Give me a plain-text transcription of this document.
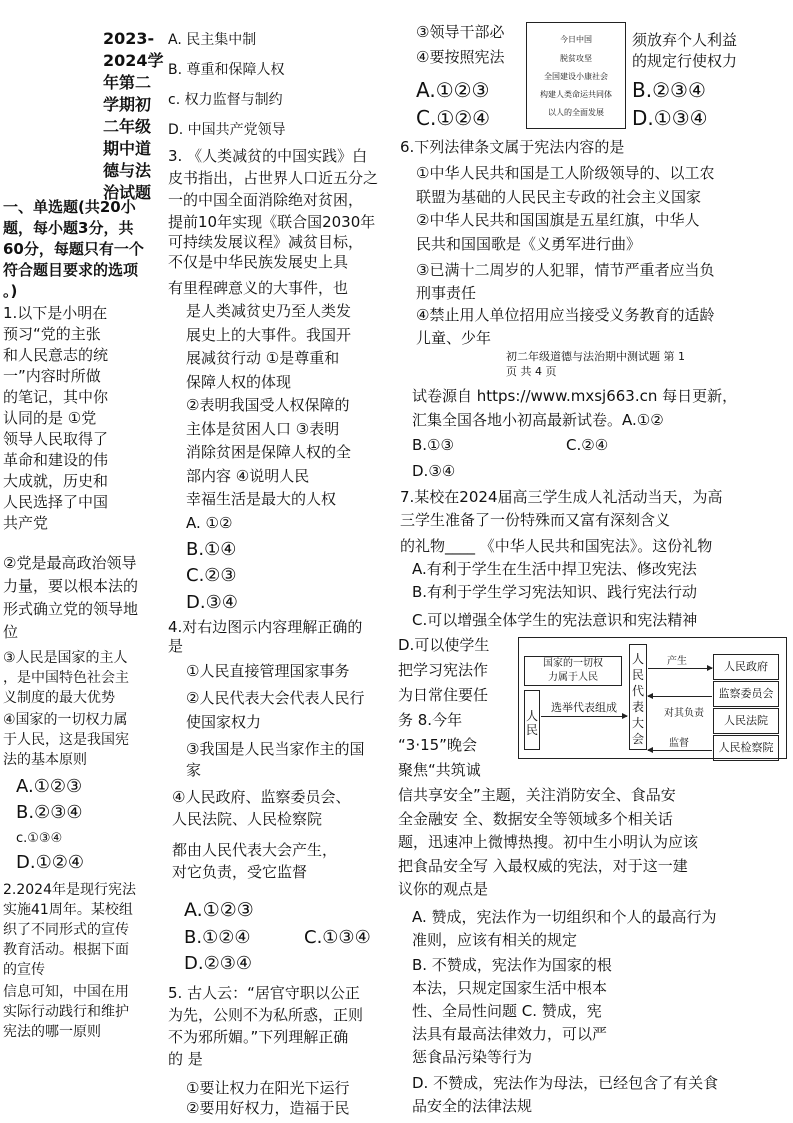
2023-
2024学
年第二
学期初
二年级
期中道
德与法
治试题
一、单选题(共20小
题，每小题3分，共
60分，每题只有一个
符合题目要求的选项
。)
1.以下是小明在
预习“党的主张
和人民意志的统
一”内容时所做
的笔记，其中你
认同的是 ①党
领导人民取得了
革命和建设的伟
大成就，历史和
人民选择了中国
共产党
②党是最高政治领导
力量，要以根本法的
形式确立党的领导地
位
③人民是国家的主人
，是中国特色社会主
义制度的最大优势
④国家的一切权力属
于人民，这是我国宪
法的基本原则
A.①②③
B.②③④
c.①③④
D.①②④
2.2024年是现行宪法
实施41周年。某校组
织了不同形式的宣传
教育活动。根据下面
的宣传
信息可知，中国在用
实际行动践行和维护
宪法的哪一原则
A. 民主集中制
B. 尊重和保障人权
c. 权力监督与制约
D. 中国共产党领导
3. 《人类减贫的中国实践》白
皮书指出，占世界人口近五分之
一的中国全面消除绝对贫困，
提前10年实现《联合国2030年
可持续发展议程》减贫目标，
不仅是中华民族发展史上具
有里程碑意义的大事件，也
是人类减贫史乃至人类发
展史上的大事件。我国开
展减贫行动 ①是尊重和
保障人权的体现
②表明我国受人权保障的
主体是贫困人口 ③表明
消除贫困是保障人权的全
部内容 ④说明人民
幸福生活是最大的人权
A. ①②
B.①④
C.②③
D.③④
4.对右边图示内容理解正确的
是
①人民直接管理国家事务
②人民代表大会代表人民行
使国家权力
③我国是人民当家作主的国
家
④人民政府、监察委员会、
人民法院、人民检察院
都由人民代表大会产生，
对它负责，受它监督
A.①②③
B.①②④	C.①③④
D.②③④
5. 古人云：“居官守职以公正
为先，公则不为私所惑，正则
不为邪所媚。”下列理解正确
的 是
①要让权力在阳光下运行
②要用好权力，造福于民
③领导干部必
④要按照宪法
A.①②③
C.①②④
今日中国
脱贫攻坚
全国建设小康社会
构建人类命运共同体
以人的全面发展
须放弃个人利益
的规定行使权力
B.②③④
D.①③④
6.下列法律条文属于宪法内容的是
①中华人民共和国是工人阶级领导的、以工农
联盟为基础的人民民主专政的社会主义国家
②中华人民共和国国旗是五星红旗，中华人
民共和国国歌是《义勇军进行曲》
③已满十二周岁的人犯罪，情节严重者应当负
刑事责任
④禁止用人单位招用应当接受义务教育的适龄
儿童、少年
初二年级道德与法治期中测试题 第 1
页 共 4 页
试卷源自 https://www.mxsj663.cn 每日更新，
汇集全国各地小初高最新试卷。A.①②
B.①③	C.②④
D.③④
7.某校在2024届高三学生成人礼活动当天，为高
三学生准备了一份特殊而又富有深刻含义
的礼物____ 《中华人民共和国宪法》。这份礼物
A.有利于学生在生活中捍卫宪法、修改宪法
B.有利于学生学习宪法知识、践行宪法行动
C.可以增强全体学生的宪法意识和宪法精神
D.可以使学生
把学习宪法作
为日常住要任
务 8.今年
“3·15”晚会
聚焦“共筑诚
国家的一切权
力属于人民
人民
选举代表组成
人
民
代
表
大
会
产生
对其负责
监督
人民政府
监察委员会
人民法院
人民检察院
信共享安全”主题，关注消防安全、食品安
全金融安 全、数据安全等领域多个相关话
题，迅速冲上微博热搜。初中生小明认为应该
把食品安全写 入最权威的宪法，对于这一建
议你的观点是
A. 赞成，宪法作为一切组织和个人的最高行为
准则，应该有相关的规定
B. 不赞成，宪法作为国家的根
本法，只规定国家生活中根本
性、全局性问题 C. 赞成，宪
法具有最高法律效力，可以严
惩食品污染等行为
D. 不赞成，宪法作为母法，已经包含了有关食
品安全的法律法规
